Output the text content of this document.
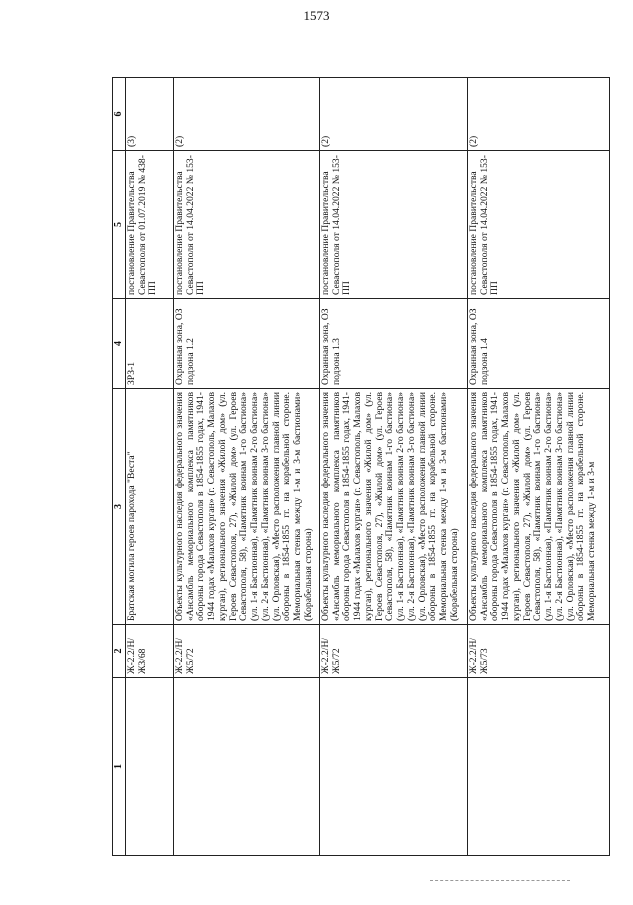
1573
1	2	3	4	5	6
	Ж-2.2/Н/ЖЗ/68	Братская могила героев парохода "Веста"	ЗРЗ-1	постановление Правительства Севастополя от 01.07.2019 № 438-ПП	(3)
	Ж-2.2/Н/Ж5/72	Объекты культурного наследия федерального значения «Ансамбль мемориального комплекса памятников обороны города Севастополя в 1854-1855 годах, 1941-1944 годах «Малахов курган» (г. Севастополь, Малахов курган), регионального значения «Жилой дом» (ул. Героев Севастополя, 27), «Жилой дом» (ул. Героев Севастополя, 58), «Памятник воинам 1-го бастиона» (ул. 1-я Бастионная), «Памятник воинам 2-го бастиона» (ул. 2-я Бастионная), «Памятник воинам 3-го бастиона» (ул. Орловская), «Место расположения главной линии обороны в 1854-1855 гг. на корабельной стороне. Мемориальная стенка между 1-м и 3-м бастионами» (Корабельная сторона)	Охранная зона, ОЗ подзона 1.2	постановление Правительства Севастополя от 14.04.2022 № 153-ПП	(2)
	Ж-2.2/Н/Ж5/72	Объекты культурного наследия федерального значения «Ансамбль мемориального комплекса памятников обороны города Севастополя в 1854-1855 годах, 1941-1944 годах «Малахов курган» (г. Севастополь, Малахов курган), регионального значения «Жилой дом» (ул. Героев Севастополя, 27), «Жилой дом» (ул. Героев Севастополя, 58), «Памятник воинам 1-го бастиона» (ул. 1-я Бастионная), «Памятник воинам 2-го бастиона» (ул. 2-я Бастионная), «Памятник воинам 3-го бастиона» (ул. Орловская), «Место расположения главной линии обороны в 1854-1855 гг. на корабельной стороне. Мемориальная стенка между 1-м и 3-м бастионами» (Корабельная сторона)	Охранная зона, ОЗ подзона 1.3	постановление Правительства Севастополя от 14.04.2022 № 153-ПП	(2)
	Ж-2.2/Н/Ж5/73	Объекты культурного наследия федерального значения «Ансамбль мемориального комплекса памятников обороны города Севастополя в 1854-1855 годах, 1941-1944 годах «Малахов курган» (г. Севастополь, Малахов курган), регионального значения «Жилой дом» (ул. Героев Севастополя, 27), «Жилой дом» (ул. Героев Севастополя, 58), «Памятник воинам 1-го бастиона» (ул. 1-я Бастионная), «Памятник воинам 2-го бастиона» (ул. 2-я Бастионная), «Памятник воинам 3-го бастиона» (ул. Орловская), «Место расположения главной линии обороны в 1854-1855 гг. на корабельной стороне. Мемориальная стенка между 1-м и 3-м	Охранная зона, ОЗ подзона 1.4	постановление Правительства Севастополя от 14.04.2022 № 153-ПП	(2)
